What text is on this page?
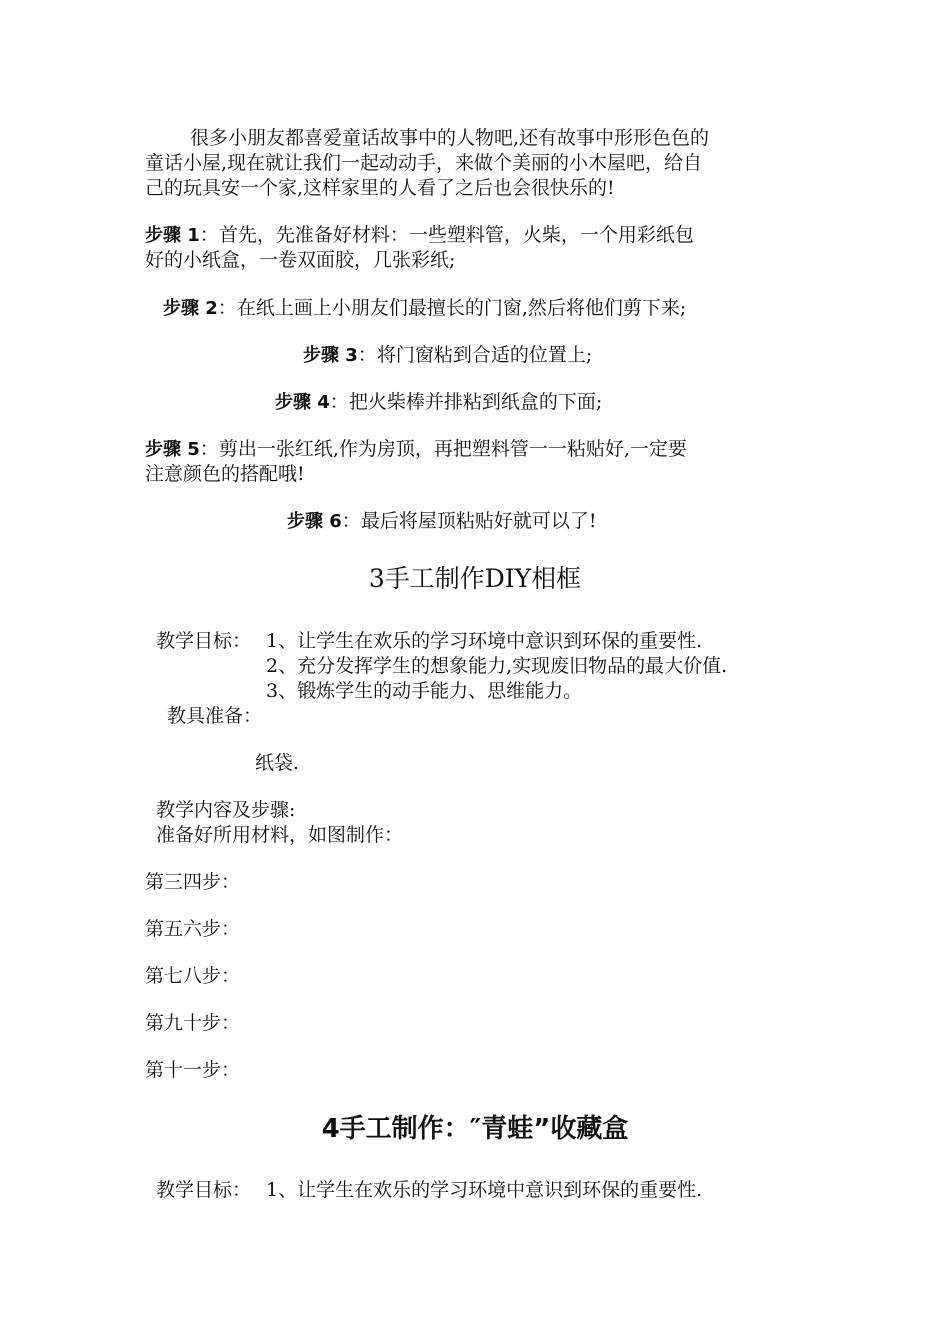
很多小朋友都喜爱童话故事中的人物吧,还有故事中形形色色的
童话小屋,现在就让我们一起动动手，来做个美丽的小木屋吧，给自
己的玩具安一个家,这样家里的人看了之后也会很快乐的!
步骤 1：首先，先准备好材料：一些塑料管，火柴，一个用彩纸包
好的小纸盒，一卷双面胶，几张彩纸;
步骤 2：在纸上画上小朋友们最擅长的门窗,然后将他们剪下来;
步骤 3：将门窗粘到合适的位置上;
步骤 4：把火柴棒并排粘到纸盒的下面;
步骤 5：剪出一张红纸,作为房顶，再把塑料管一一粘贴好,一定要
注意颜色的搭配哦!
步骤 6：最后将屋顶粘贴好就可以了!
3手工制作DIY相框
教学目标： 1、让学生在欢乐的学习环境中意识到环保的重要性.
2、充分发挥学生的想象能力,实现废旧物品的最大价值.
3、锻炼学生的动手能力、思维能力。
教具准备：
纸袋.
教学内容及步骤:
准备好所用材料，如图制作：
第三四步：
第五六步：
第七八步：
第九十步：
第十一步：
4手工制作：″青蛙”收藏盒
教学目标： 1、让学生在欢乐的学习环境中意识到环保的重要性.
